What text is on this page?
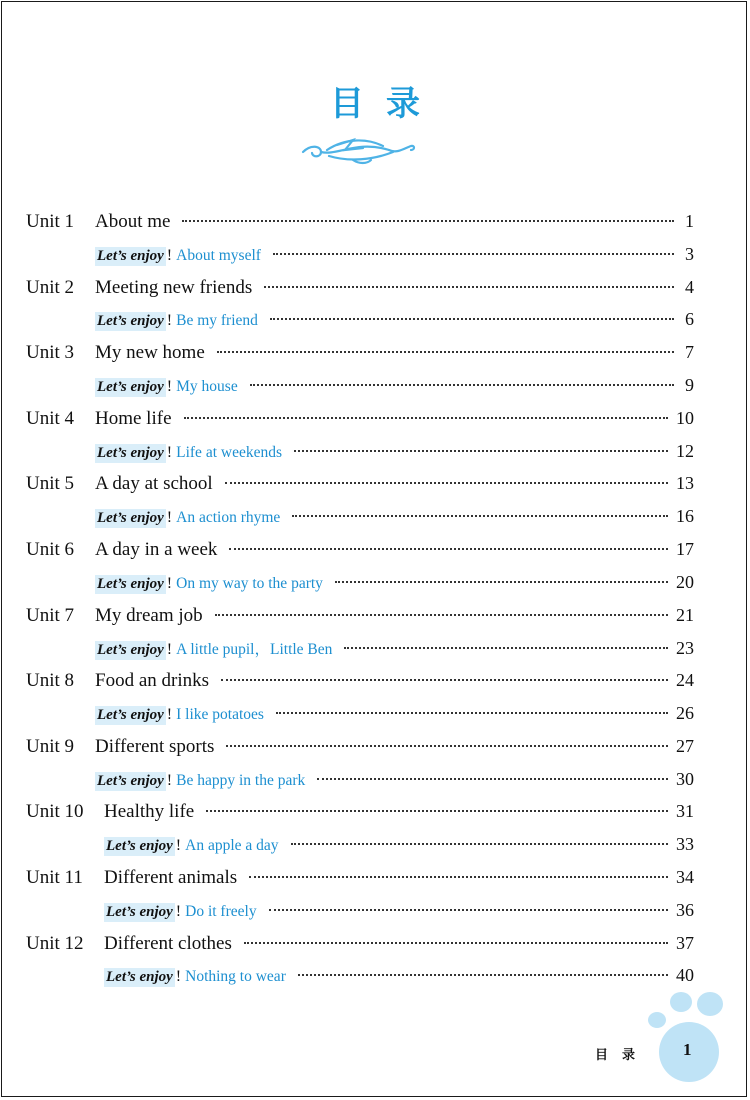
目录
Unit 1	About me	1
Let’s enjoy ! About myself	3
Unit 2	Meeting new friends	4
Let’s enjoy ! Be my friend	6
Unit 3	My new home	7
Let’s enjoy ! My house	9
Unit 4	Home life	10
Let’s enjoy ! Life at weekends	12
Unit 5	A day at school	13
Let’s enjoy ! An action rhyme	16
Unit 6	A day in a week	17
Let’s enjoy ! On my way to the party	20
Unit 7	My dream job	21
Let’s enjoy ! A little pupil，Little Ben	23
Unit 8	Food an drinks	24
Let’s enjoy ! I like potatoes	26
Unit 9	Different sports	27
Let’s enjoy ! Be happy in the park	30
Unit 10	Healthy life	31
Let’s enjoy ! An apple a day	33
Unit 11	Different animals	34
Let’s enjoy ! Do it freely	36
Unit 12	Different clothes	37
Let’s enjoy ! Nothing to wear	40
目录 1
